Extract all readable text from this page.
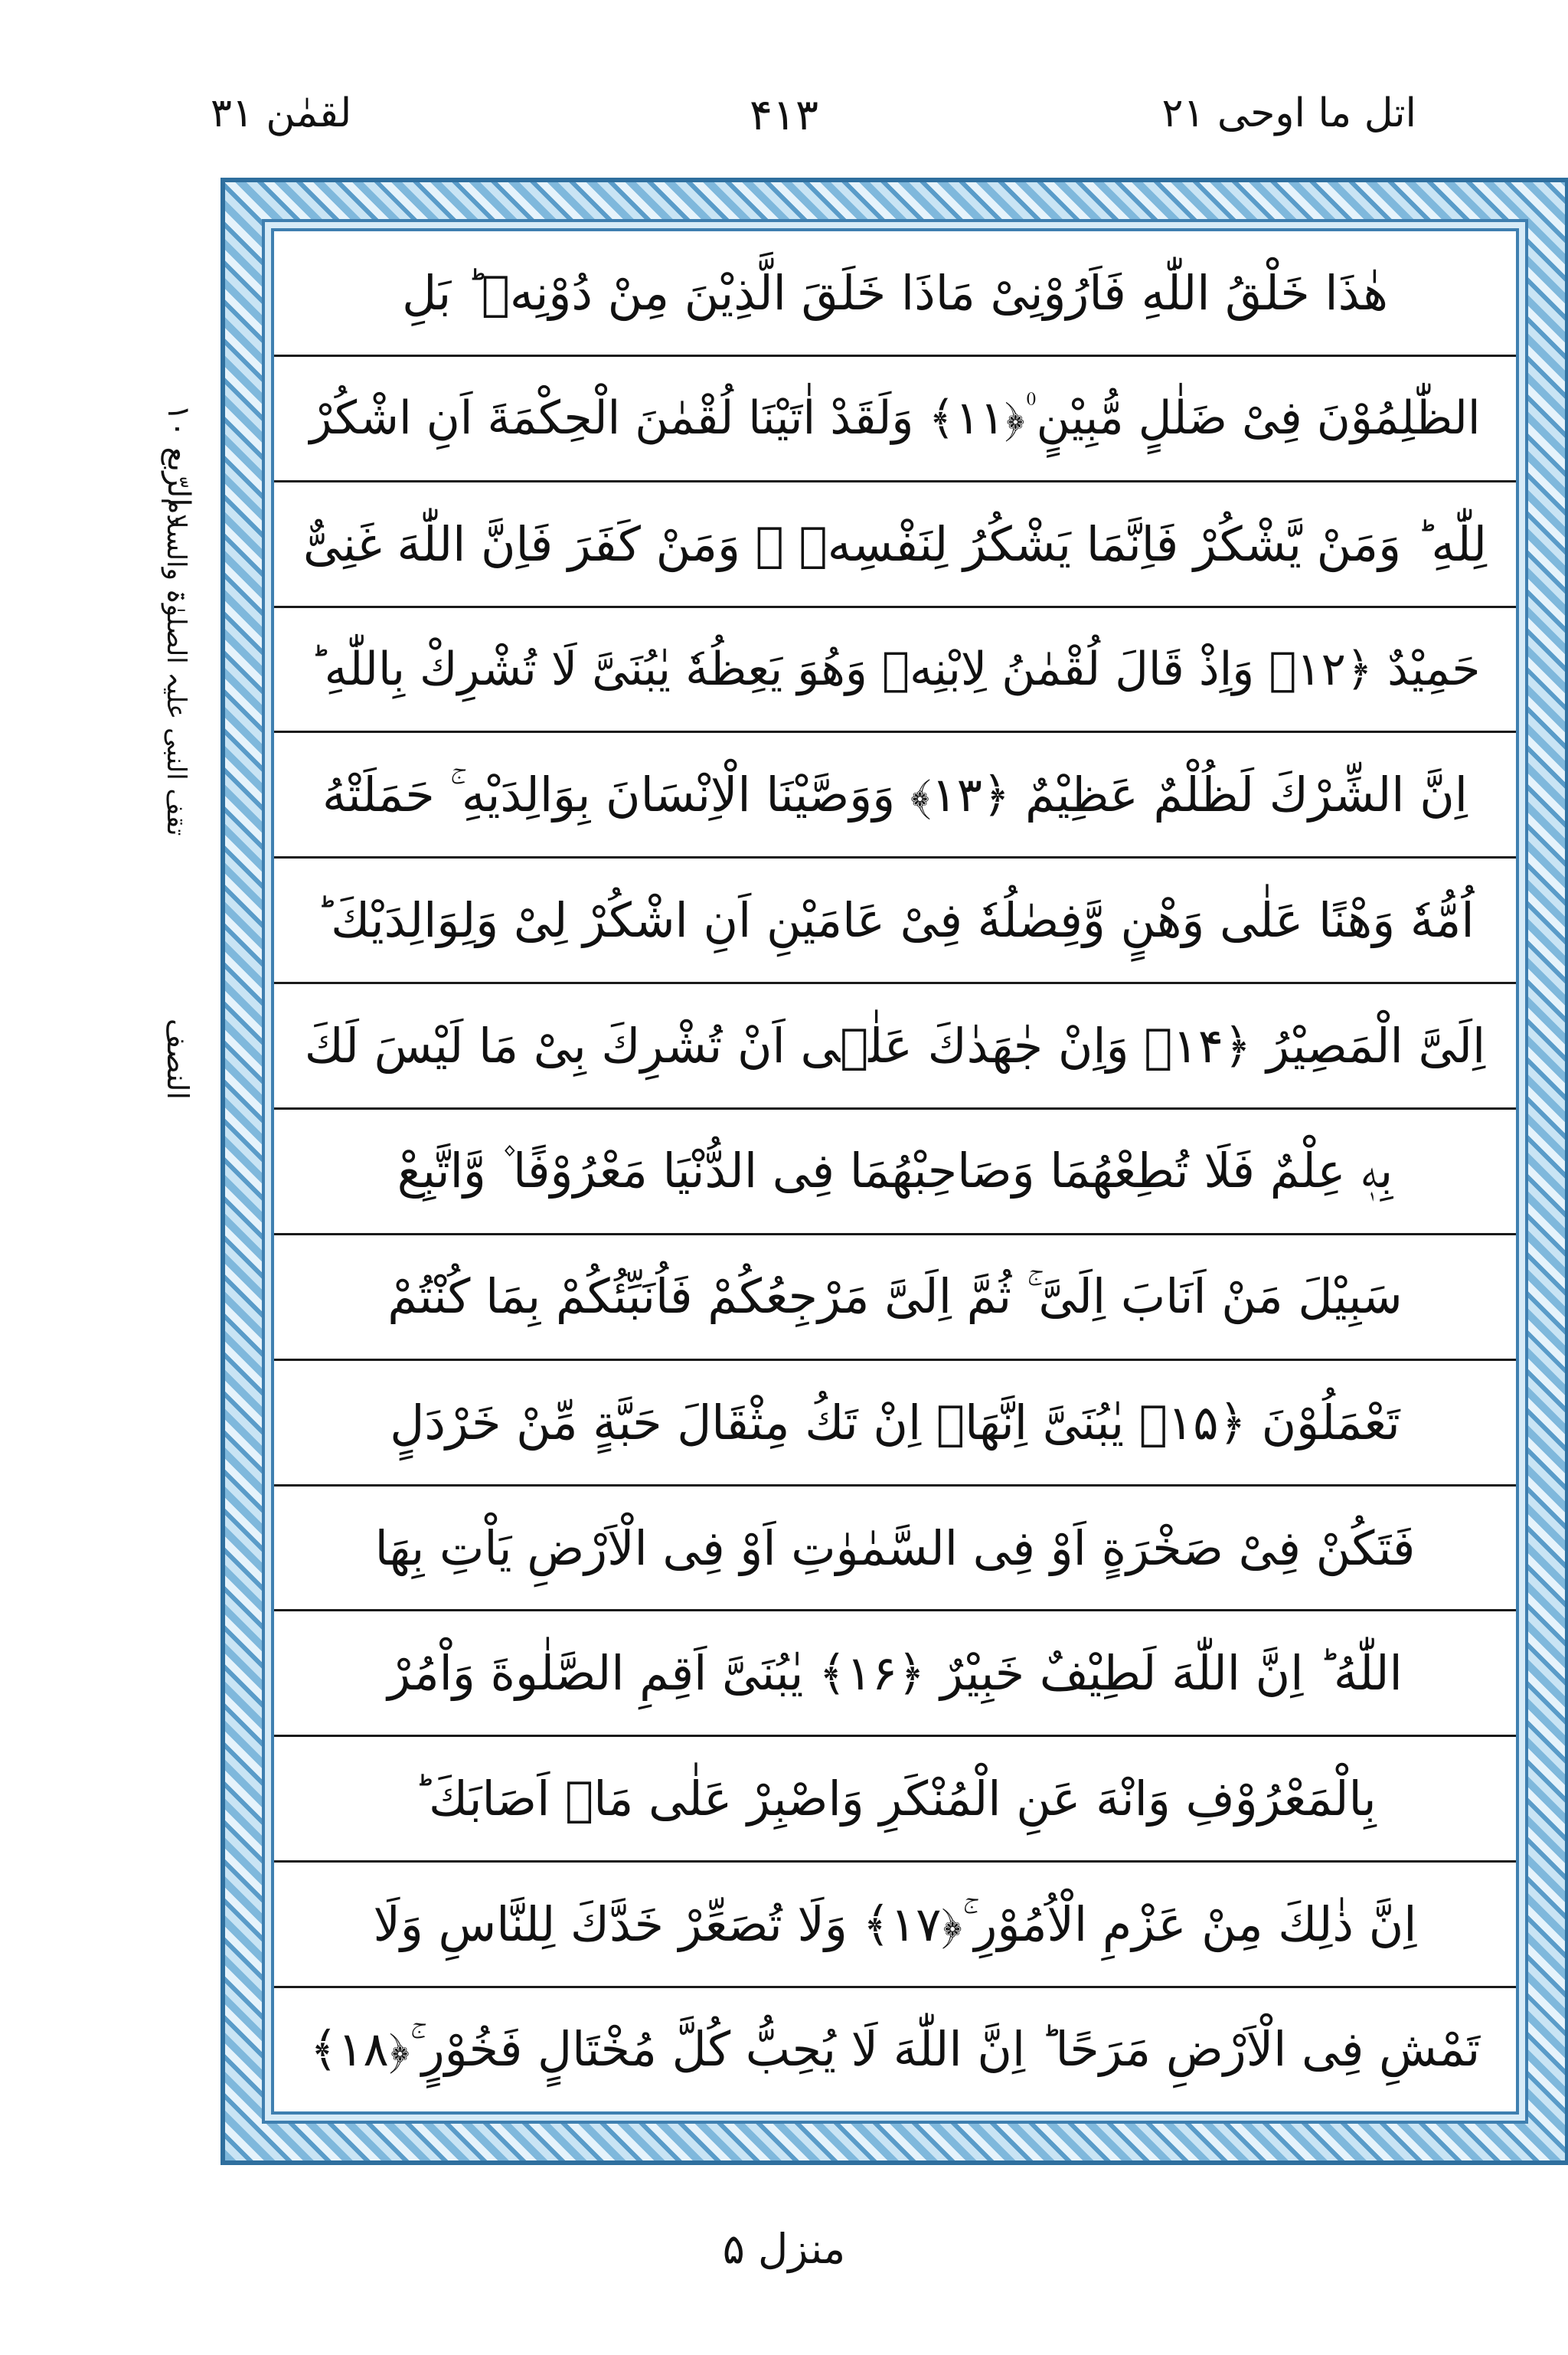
اتل ما اوحی ۲۱
۴۱۳
لقمٰن ۳۱
- الرّبع ۱۰
تقف النبی علیہ الصلوٰۃ والسلام
النصف
هٰذَا خَلْقُ اللّٰهِ فَاَرُوْنِیْ مَاذَا خَلَقَ الَّذِیْنَ مِنْ دُوْنِهٖ ؕ بَلِ
الظّٰلِمُوْنَ فِیْ ضَلٰلٍ مُّبِیْنٍ ۠﴿۱۱﴾ وَلَقَدْ اٰتَیْنَا لُقْمٰنَ الْحِكْمَةَ اَنِ اشْكُرْ
لِلّٰهِ ؕ وَمَنْ یَّشْكُرْ فَاِنَّمَا یَشْكُرُ لِنَفْسِهٖ ۚ وَمَنْ كَفَرَ فَاِنَّ اللّٰهَ غَنِیٌّ
حَمِیْدٌ ﴿۱۲﴾ وَاِذْ قَالَ لُقْمٰنُ لِابْنِهٖ وَهُوَ یَعِظُهٗ یٰبُنَیَّ لَا تُشْرِكْ بِاللّٰهِ ؕ
اِنَّ الشِّرْكَ لَظُلْمٌ عَظِیْمٌ ﴿۱۳﴾ وَوَصَّیْنَا الْاِنْسَانَ بِوَالِدَیْهِ ۚ حَمَلَتْهُ
اُمُّهٗ وَهْنًا عَلٰی وَهْنٍ وَّفِصٰلُهٗ فِیْ عَامَیْنِ اَنِ اشْكُرْ لِیْ وَلِوَالِدَیْكَ ؕ
اِلَیَّ الْمَصِیْرُ ﴿۱۴﴾ وَاِنْ جٰهَدٰكَ عَلٰۤی اَنْ تُشْرِكَ بِیْ مَا لَیْسَ لَكَ
بِهٖ عِلْمٌ فَلَا تُطِعْهُمَا وَصَاحِبْهُمَا فِی الدُّنْیَا مَعْرُوْفًا ۫ وَّاتَّبِعْ
سَبِیْلَ مَنْ اَنَابَ اِلَیَّ ۚ ثُمَّ اِلَیَّ مَرْجِعُكُمْ فَاُنَبِّئُكُمْ بِمَا كُنْتُمْ
تَعْمَلُوْنَ ﴿۱۵﴾ یٰبُنَیَّ اِنَّهَاۤ اِنْ تَكُ مِثْقَالَ حَبَّةٍ مِّنْ خَرْدَلٍ
فَتَكُنْ فِیْ صَخْرَةٍ اَوْ فِی السَّمٰوٰتِ اَوْ فِی الْاَرْضِ یَاْتِ بِهَا
اللّٰهُ ؕ اِنَّ اللّٰهَ لَطِیْفٌ خَبِیْرٌ ﴿۱۶﴾ یٰبُنَیَّ اَقِمِ الصَّلٰوةَ وَاْمُرْ
بِالْمَعْرُوْفِ وَانْهَ عَنِ الْمُنْكَرِ وَاصْبِرْ عَلٰی مَاۤ اَصَابَكَ ؕ
اِنَّ ذٰلِكَ مِنْ عَزْمِ الْاُمُوْرِ ۚ﴿۱۷﴾ وَلَا تُصَعِّرْ خَدَّكَ لِلنَّاسِ وَلَا
تَمْشِ فِی الْاَرْضِ مَرَحًا ؕ اِنَّ اللّٰهَ لَا یُحِبُّ كُلَّ مُخْتَالٍ فَخُوْرٍ ۚ﴿۱۸﴾
منزل ۵
